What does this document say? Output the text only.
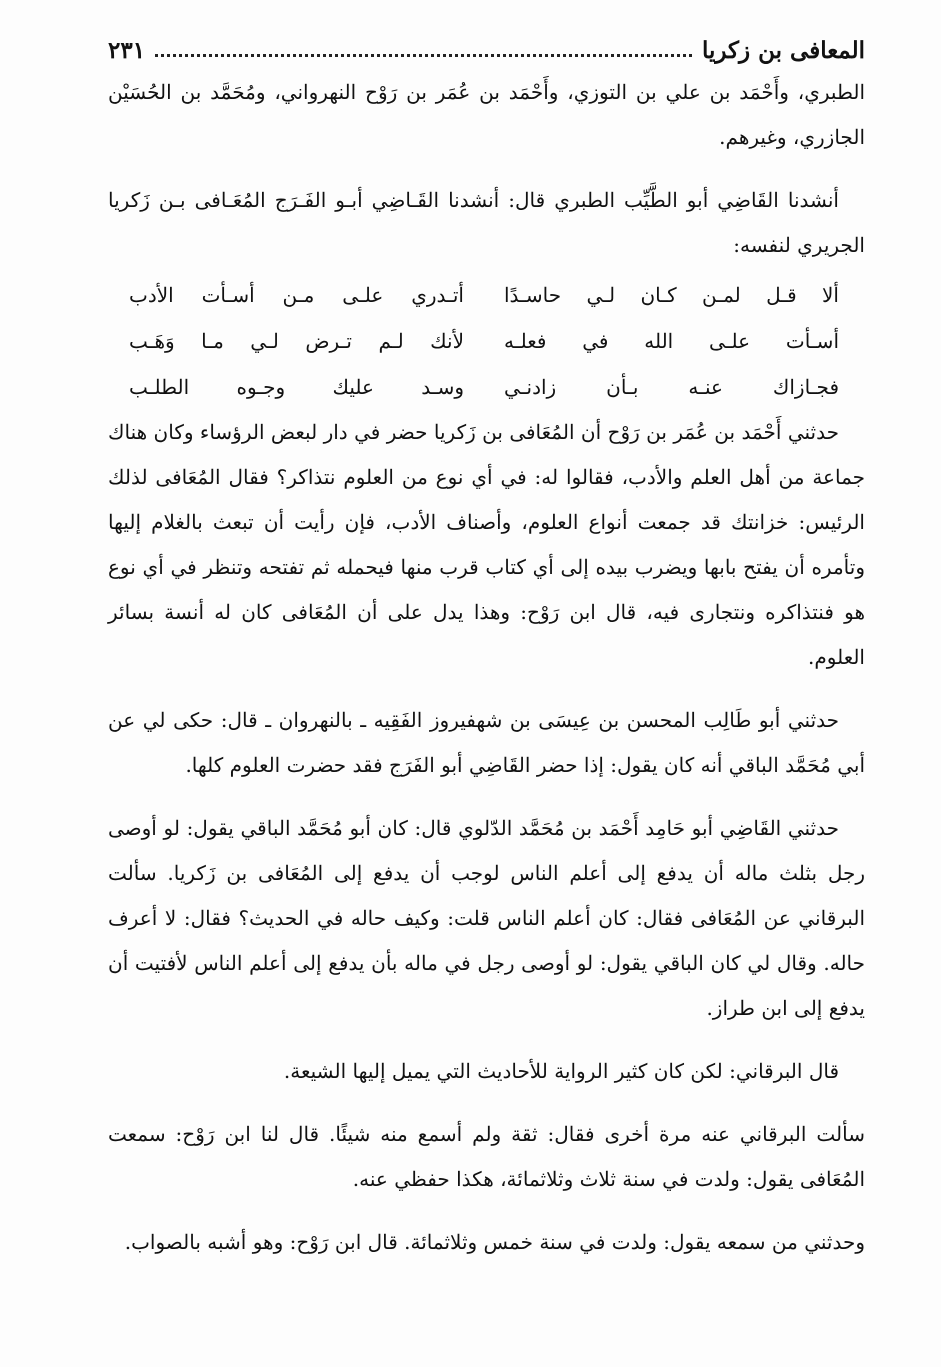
المعافى بن زكريا
٢٣١

الطبري، وأَحْمَد بن علي بن التوزي، وأَحْمَد بن عُمَر بن رَوْح النهرواني، ومُحَمَّد بن الحُسَيْن الجازري، وغيرهم.

أنشدنا القَاضِي أبو الطَّيِّب الطبري قال: أنشدنا القَـاضِي أبـو الفَـرَج المُعَـافى بـن زَكريا الجريري لنفسه:

ألا قـل لمـن كـان لـي حاسـدًا
أتـدري علـى مـن أسـأت الأدب
أسـأت علـى الله في فعلـه
لأنك لـم تـرض لـي مـا وَهَـب
فجـازاك عنـه بـأن زادنـي
وسـد عليك وجـوه الطلـب

حدثني أَحْمَد بن عُمَر بن رَوْح أن المُعَافى بن زَكريا حضر في دار لبعض الرؤساء وكان هناك جماعة من أهل العلم والأدب، فقالوا له: في أي نوع من العلوم نتذاكر؟ فقال المُعَافى لذلك الرئيس: خزانتك قد جمعت أنواع العلوم، وأصناف الأدب، فإن رأيت أن تبعث بالغلام إليها وتأمره أن يفتح بابها ويضرب بيده إلى أي كتاب قرب منها فيحمله ثم تفتحه وتنظر في أي نوع هو فنتذاكره ونتجارى فيه، قال ابن رَوْح: وهذا يدل على أن المُعَافى كان له أنسة بسائر العلوم.

حدثني أبو طَالِب المحسن بن عِيسَى بن شهفيروز الفَقِيه ـ بالنهروان ـ قال: حكى لي عن أبي مُحَمَّد الباقي أنه كان يقول: إذا حضر القَاضِي أبو الفَرَج فقد حضرت العلوم كلها.

حدثني القَاضِي أبو حَامِد أَحْمَد بن مُحَمَّد الدّلوي قال: كان أبو مُحَمَّد الباقي يقول: لو أوصى رجل بثلث ماله أن يدفع إلى أعلم الناس لوجب أن يدفع إلى المُعَافى بن زَكريا. سألت البرقاني عن المُعَافى فقال: كان أعلم الناس قلت: وكيف حاله في الحديث؟ فقال: لا أعرف حاله. وقال لي كان الباقي يقول: لو أوصى رجل في ماله بأن يدفع إلى أعلم الناس لأفتيت أن يدفع إلى ابن طراز.

قال البرقاني: لكن كان كثير الرواية للأحاديث التي يميل إليها الشيعة.

سألت البرقاني عنه مرة أخرى فقال: ثقة ولم أسمع منه شيئًا. قال لنا ابن رَوْح: سمعت المُعَافى يقول: ولدت في سنة ثلاث وثلاثمائة، هكذا حفظي عنه.

وحدثني من سمعه يقول: ولدت في سنة خمس وثلاثمائة. قال ابن رَوْح: وهو أشبه بالصواب.
